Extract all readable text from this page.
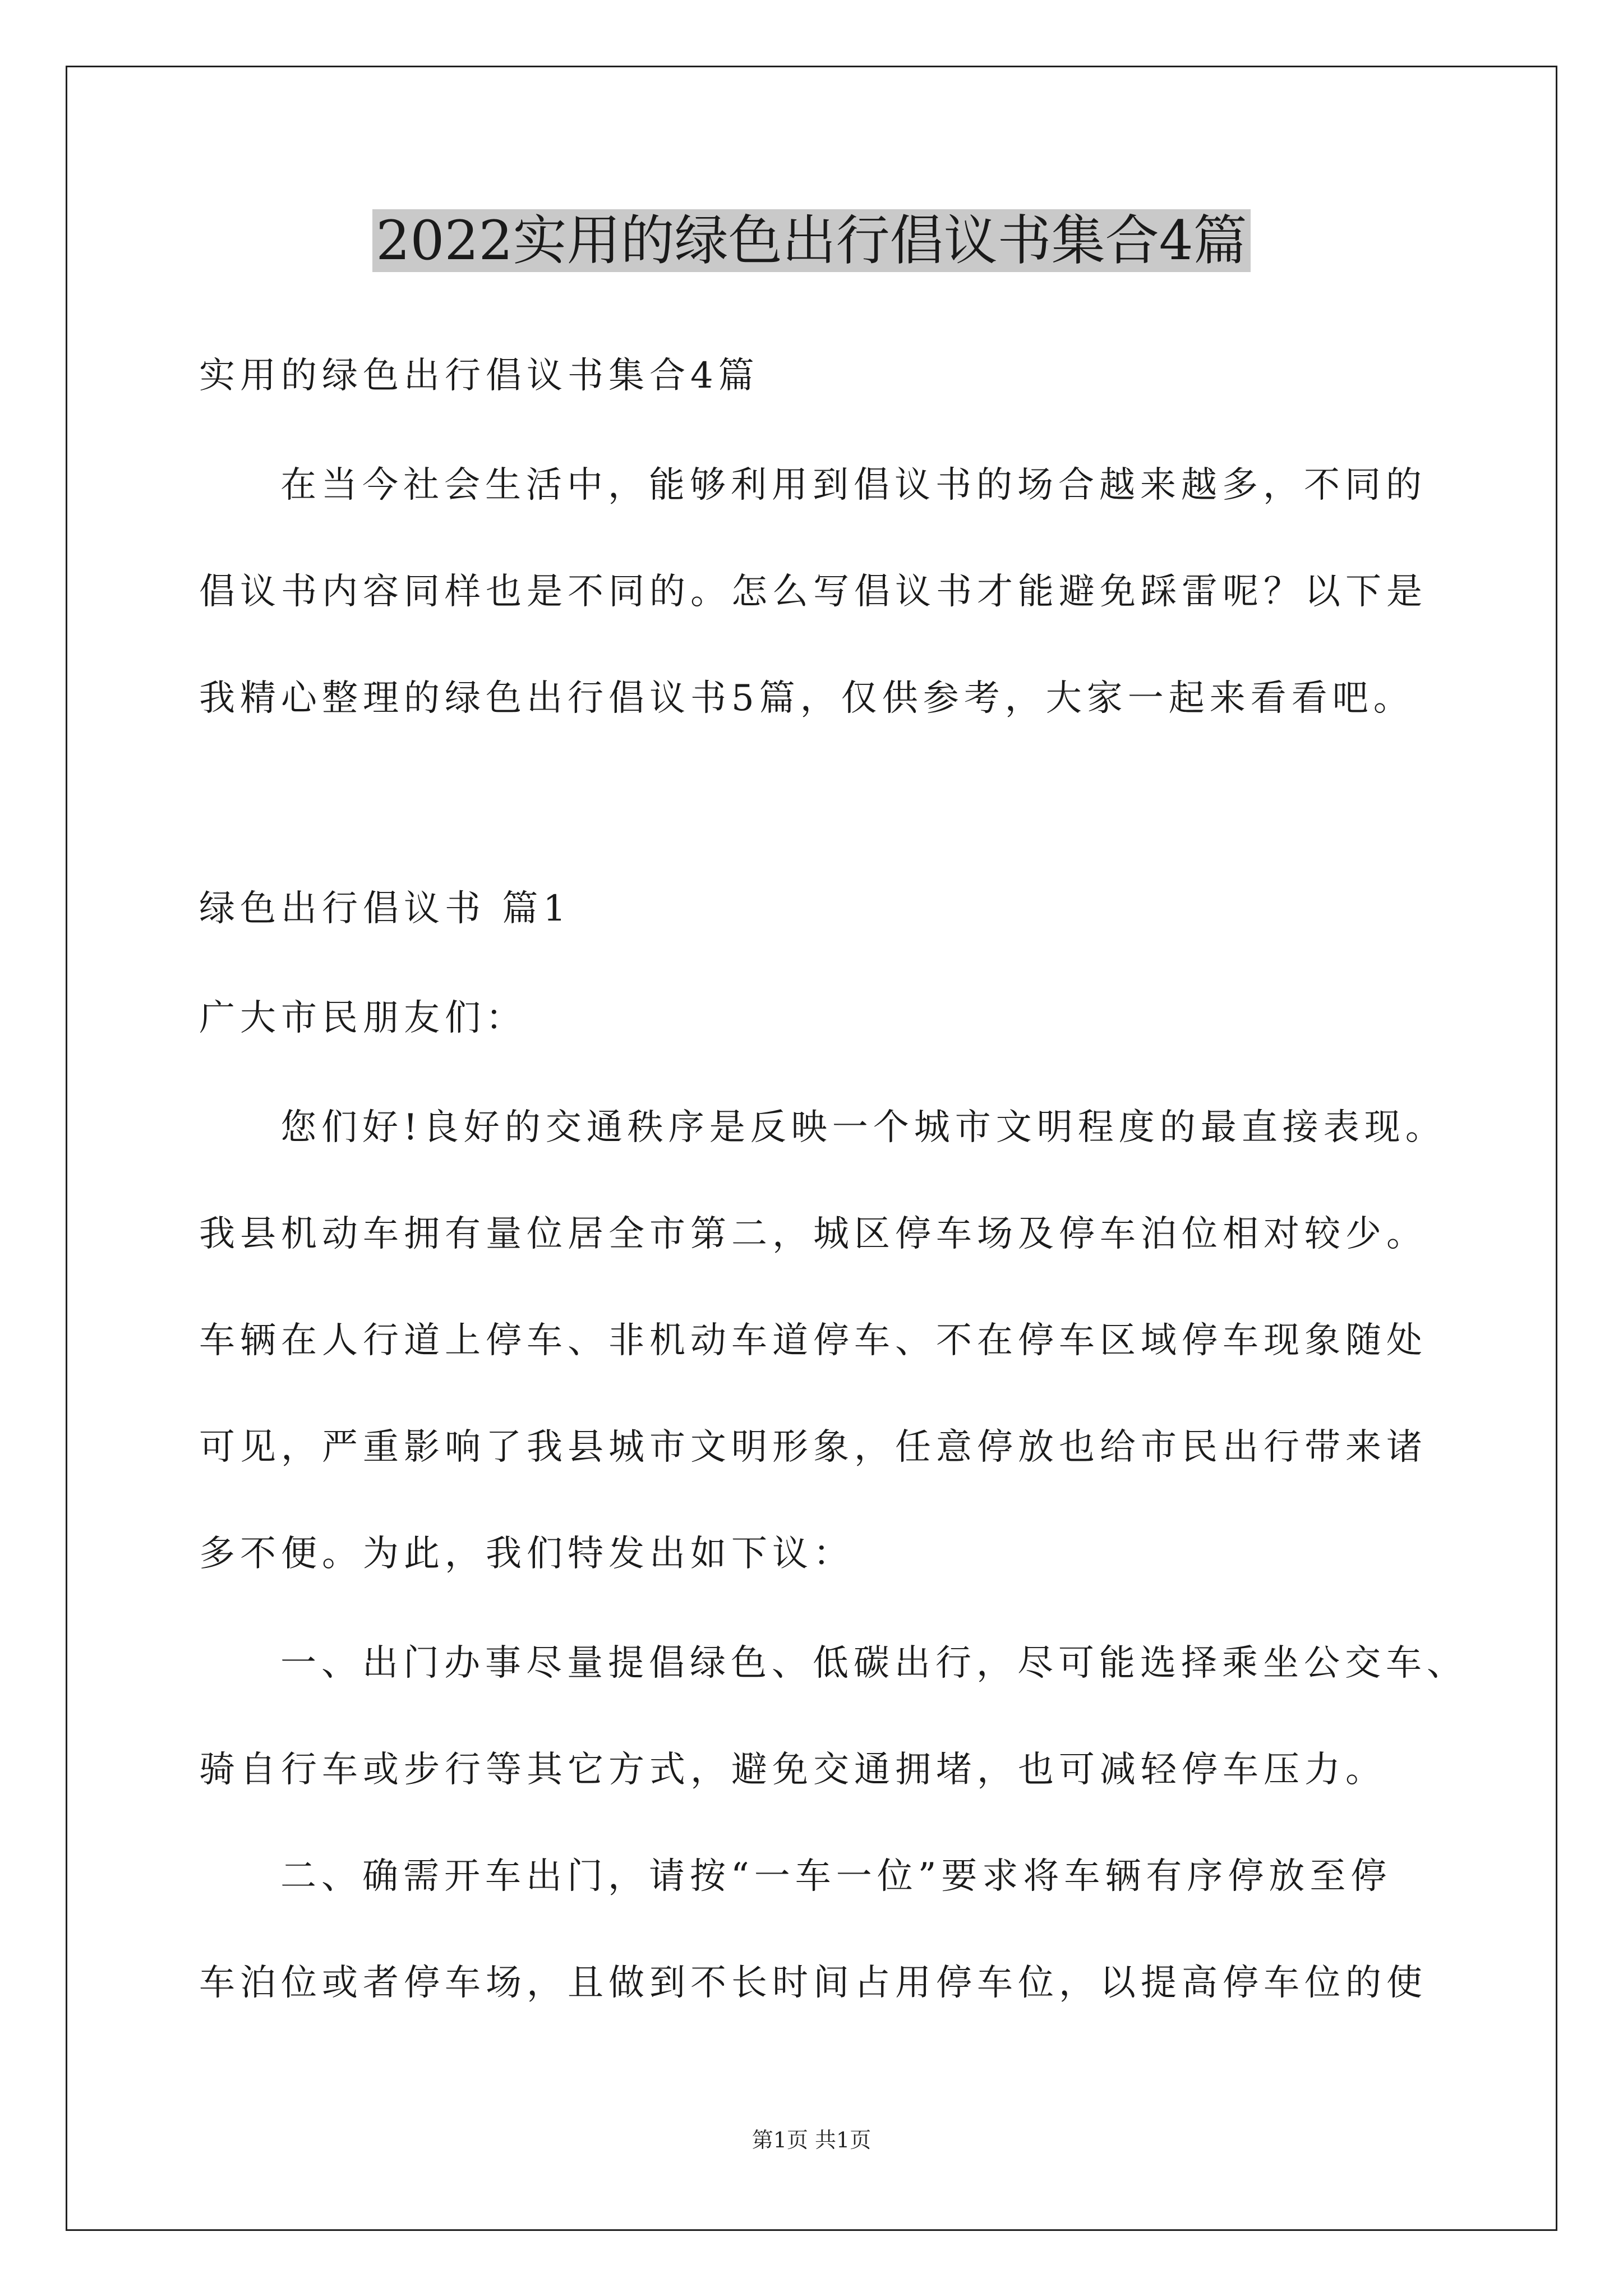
2022实用的绿色出行倡议书集合4篇
实用的绿色出行倡议书集合4篇
在当今社会生活中，能够利用到倡议书的场合越来越多，不同的
倡议书内容同样也是不同的。怎么写倡议书才能避免踩雷呢？以下是
我精心整理的绿色出行倡议书5篇，仅供参考，大家一起来看看吧。
绿色出行倡议书 篇1
广大市民朋友们：
您们好!良好的交通秩序是反映一个城市文明程度的最直接表现。
我县机动车拥有量位居全市第二，城区停车场及停车泊位相对较少。
车辆在人行道上停车、非机动车道停车、不在停车区域停车现象随处
可见，严重影响了我县城市文明形象，任意停放也给市民出行带来诸
多不便。为此，我们特发出如下议：
一、出门办事尽量提倡绿色、低碳出行，尽可能选择乘坐公交车、
骑自行车或步行等其它方式，避免交通拥堵，也可减轻停车压力。
二、确需开车出门，请按“一车一位”要求将车辆有序停放至停
车泊位或者停车场，且做到不长时间占用停车位，以提高停车位的使
第1页 共1页
